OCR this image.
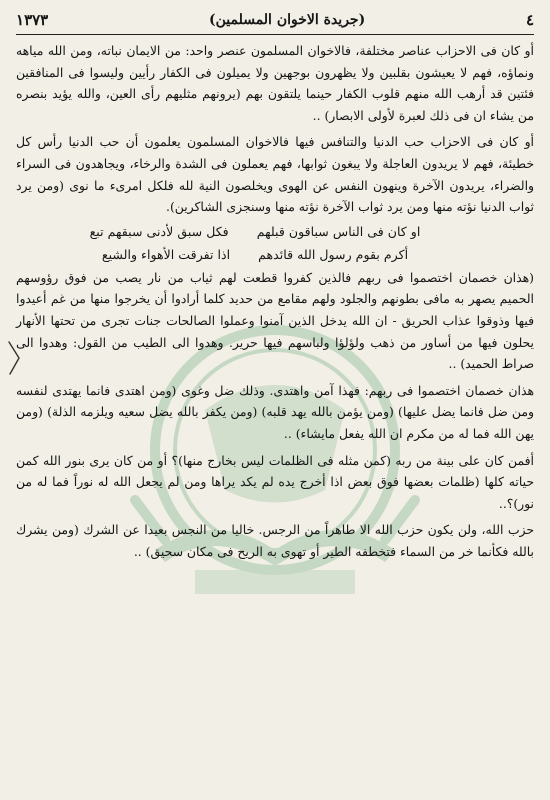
٤
(جريدة الاخوان المسلمين)
١٣٧٣

أو كان فى الاحزاب عناصر مختلفة، فالاخوان المسلمون عنصر واحد: من الايمان نباته، ومن الله مياهه ونماؤه، فهم لا يعيشون بقلبين ولا يظهرون بوجهين ولا يميلون فى الكفار رأيين وليسوا فى المنافقين فئتين قد أرهب الله منهم قلوب الكفار حينما يلتقون بهم (يرونهم مثليهم رأى العين، والله يؤيد بنصره من يشاء ان فى ذلك لعبرة لأولى الابصار) ..

أو كان فى الاحزاب حب الدنيا والتنافس فيها فالاخوان المسلمون يعلمون أن حب الدنيا رأس كل خطيئة، فهم لا يريدون العاجلة ولا يبغون ثوابها، فهم يعملون فى الشدة والرخاء، ويجاهدون فى السراء والضراء، يريدون الآخرة وينهون النفس عن الهوى ويخلصون النية لله فلكل امرىء ما نوى (ومن يرد ثواب الدنيا نؤته منها ومن يرد ثواب الآخرة نؤته منها وسنجزى الشاكرين).

او كان فى الناس سباقون قبلهم
فكل سبق لأدنى سبقهم تبع
أكرم بقوم رسول الله قائدهم
اذا تفرقت الأهواء والشيع

(هذان خصمان اختصموا فى ربهم فالذين كفروا قطعت لهم ثياب من نار يصب من فوق رؤوسهم الحميم يصهر به مافى بطونهم والجلود ولهم مقامع من حديد كلما أرادوا أن يخرجوا منها من غم أعيدوا فيها وذوقوا عذاب الحريق - ان الله يدخل الذين آمنوا وعملوا الصالحات جنات تجرى من تحتها الأنهار يحلون فيها من أساور من ذهب ولؤلؤا ولباسهم فيها حرير. وهدوا الى الطيب من القول: وهدوا الى صراط الحميد) ..

هذان خصمان اختصموا فى ربهم: فهذا آمن واهتدى. وذلك ضل وغوى (ومن اهتدى فانما يهتدى لنفسه ومن ضل فانما يضل عليها) (ومن يؤمن بالله يهد قلبه) (ومن يكفر بالله يضل سعيه ويلزمه الذلة) (ومن يهن الله فما له من مكرم ان الله يفعل مايشاء) ..

أفمن كان على بينة من ربه (كمن مثله فى الظلمات ليس بخارج منها)؟ أو من كان يرى بنور الله كمن حياته كلها (ظلمات بعضها فوق بعض اذا أخرج يده لم يكد يراها ومن لم يجعل الله له نوراً فما له من نور)؟..

حزب الله، ولن يكون حزب الله الا طاهراً من الرجس. خاليا من النجس بعيدا عن الشرك (ومن يشرك بالله فكأنما خر من السماء فتخطفه الطير أو تهوى به الريح فى مكان سحيق) ..
